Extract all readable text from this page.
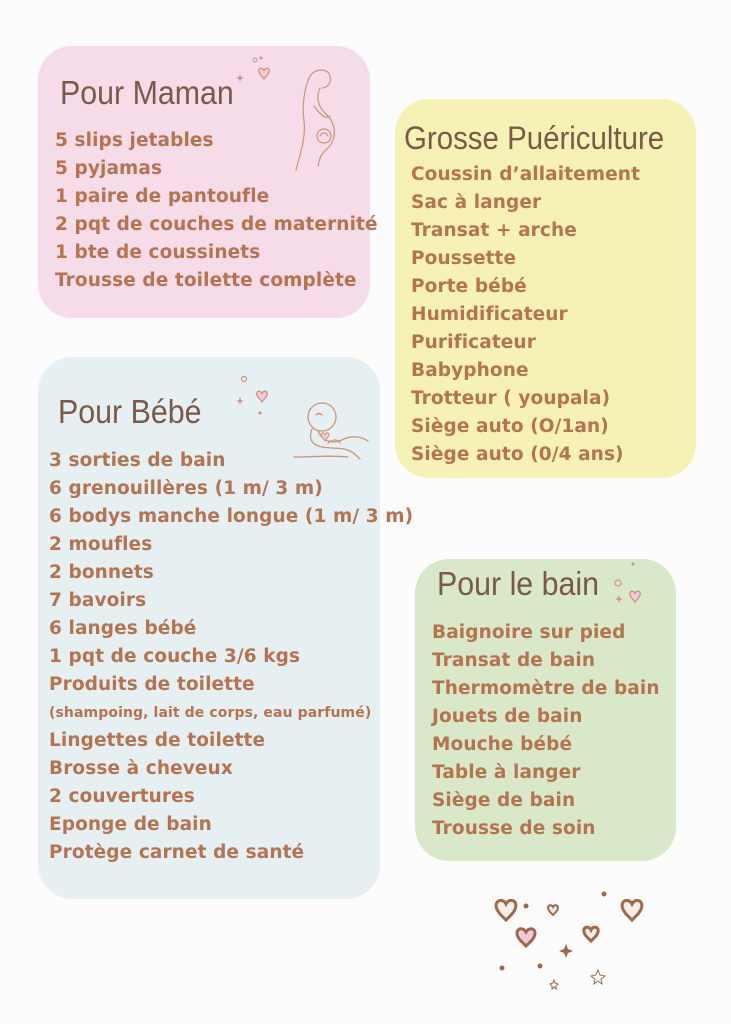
Pour Maman
5 slips jetables
5 pyjamas
1 paire de pantoufle
2 pqt de couches de maternité
1 bte de coussinets
Trousse de toilette complète
Grosse Puériculture
Coussin d’allaitement
Sac à langer
Transat + arche
Poussette
Porte bébé
Humidificateur
Purificateur
Babyphone
Trotteur ( youpala)
Siège auto (O/1an)
Siège auto (0/4 ans)
Pour Bébé
3 sorties de bain
6 grenouillères (1 m/ 3 m)
6 bodys manche longue (1 m/ 3 m)
2 moufles
2 bonnets
7 bavoirs
6 langes bébé
1 pqt de couche 3/6 kgs
Produits de toilette
(shampoing, lait de corps, eau parfumé)
Lingettes de toilette
Brosse à cheveux
2 couvertures
Eponge de bain
Protège carnet de santé
Pour le bain
Baignoire sur pied
Transat de bain
Thermomètre de bain
Jouets de bain
Mouche bébé
Table à langer
Siège de bain
Trousse de soin
